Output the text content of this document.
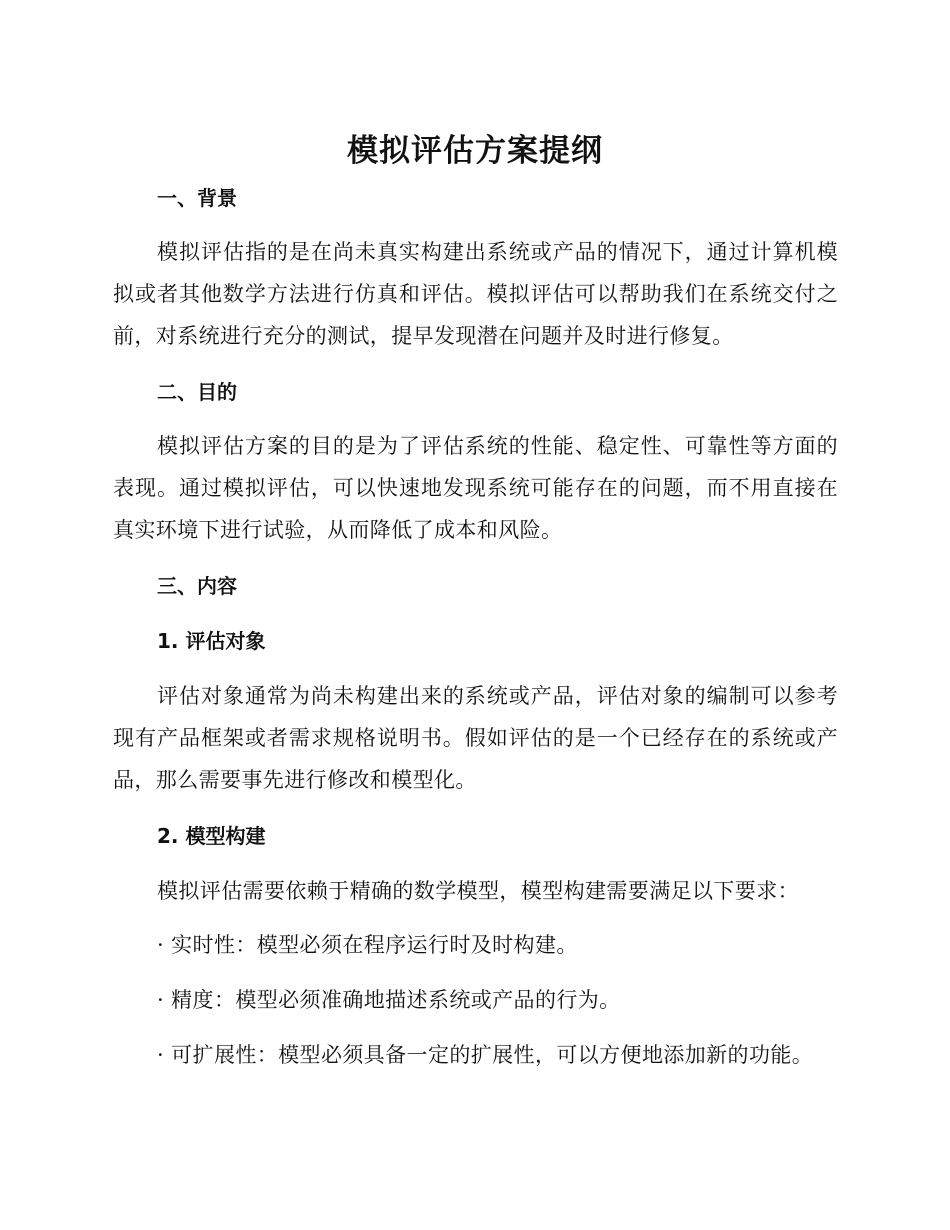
模拟评估方案提纲
一、背景

模拟评估指的是在尚未真实构建出系统或产品的情况下，通过计算机模拟或者其他数学方法进行仿真和评估。模拟评估可以帮助我们在系统交付之前，对系统进行充分的测试，提早发现潜在问题并及时进行修复。

二、目的

模拟评估方案的目的是为了评估系统的性能、稳定性、可靠性等方面的表现。通过模拟评估，可以快速地发现系统可能存在的问题，而不用直接在真实环境下进行试验，从而降低了成本和风险。

三、内容
1. 评估对象

评估对象通常为尚未构建出来的系统或产品，评估对象的编制可以参考现有产品框架或者需求规格说明书。假如评估的是一个已经存在的系统或产品，那么需要事先进行修改和模型化。

2. 模型构建
模拟评估需要依赖于精确的数学模型，模型构建需要满足以下要求：
· 实时性：模型必须在程序运行时及时构建。
· 精度：模型必须准确地描述系统或产品的行为。
· 可扩展性：模型必须具备一定的扩展性，可以方便地添加新的功能。
